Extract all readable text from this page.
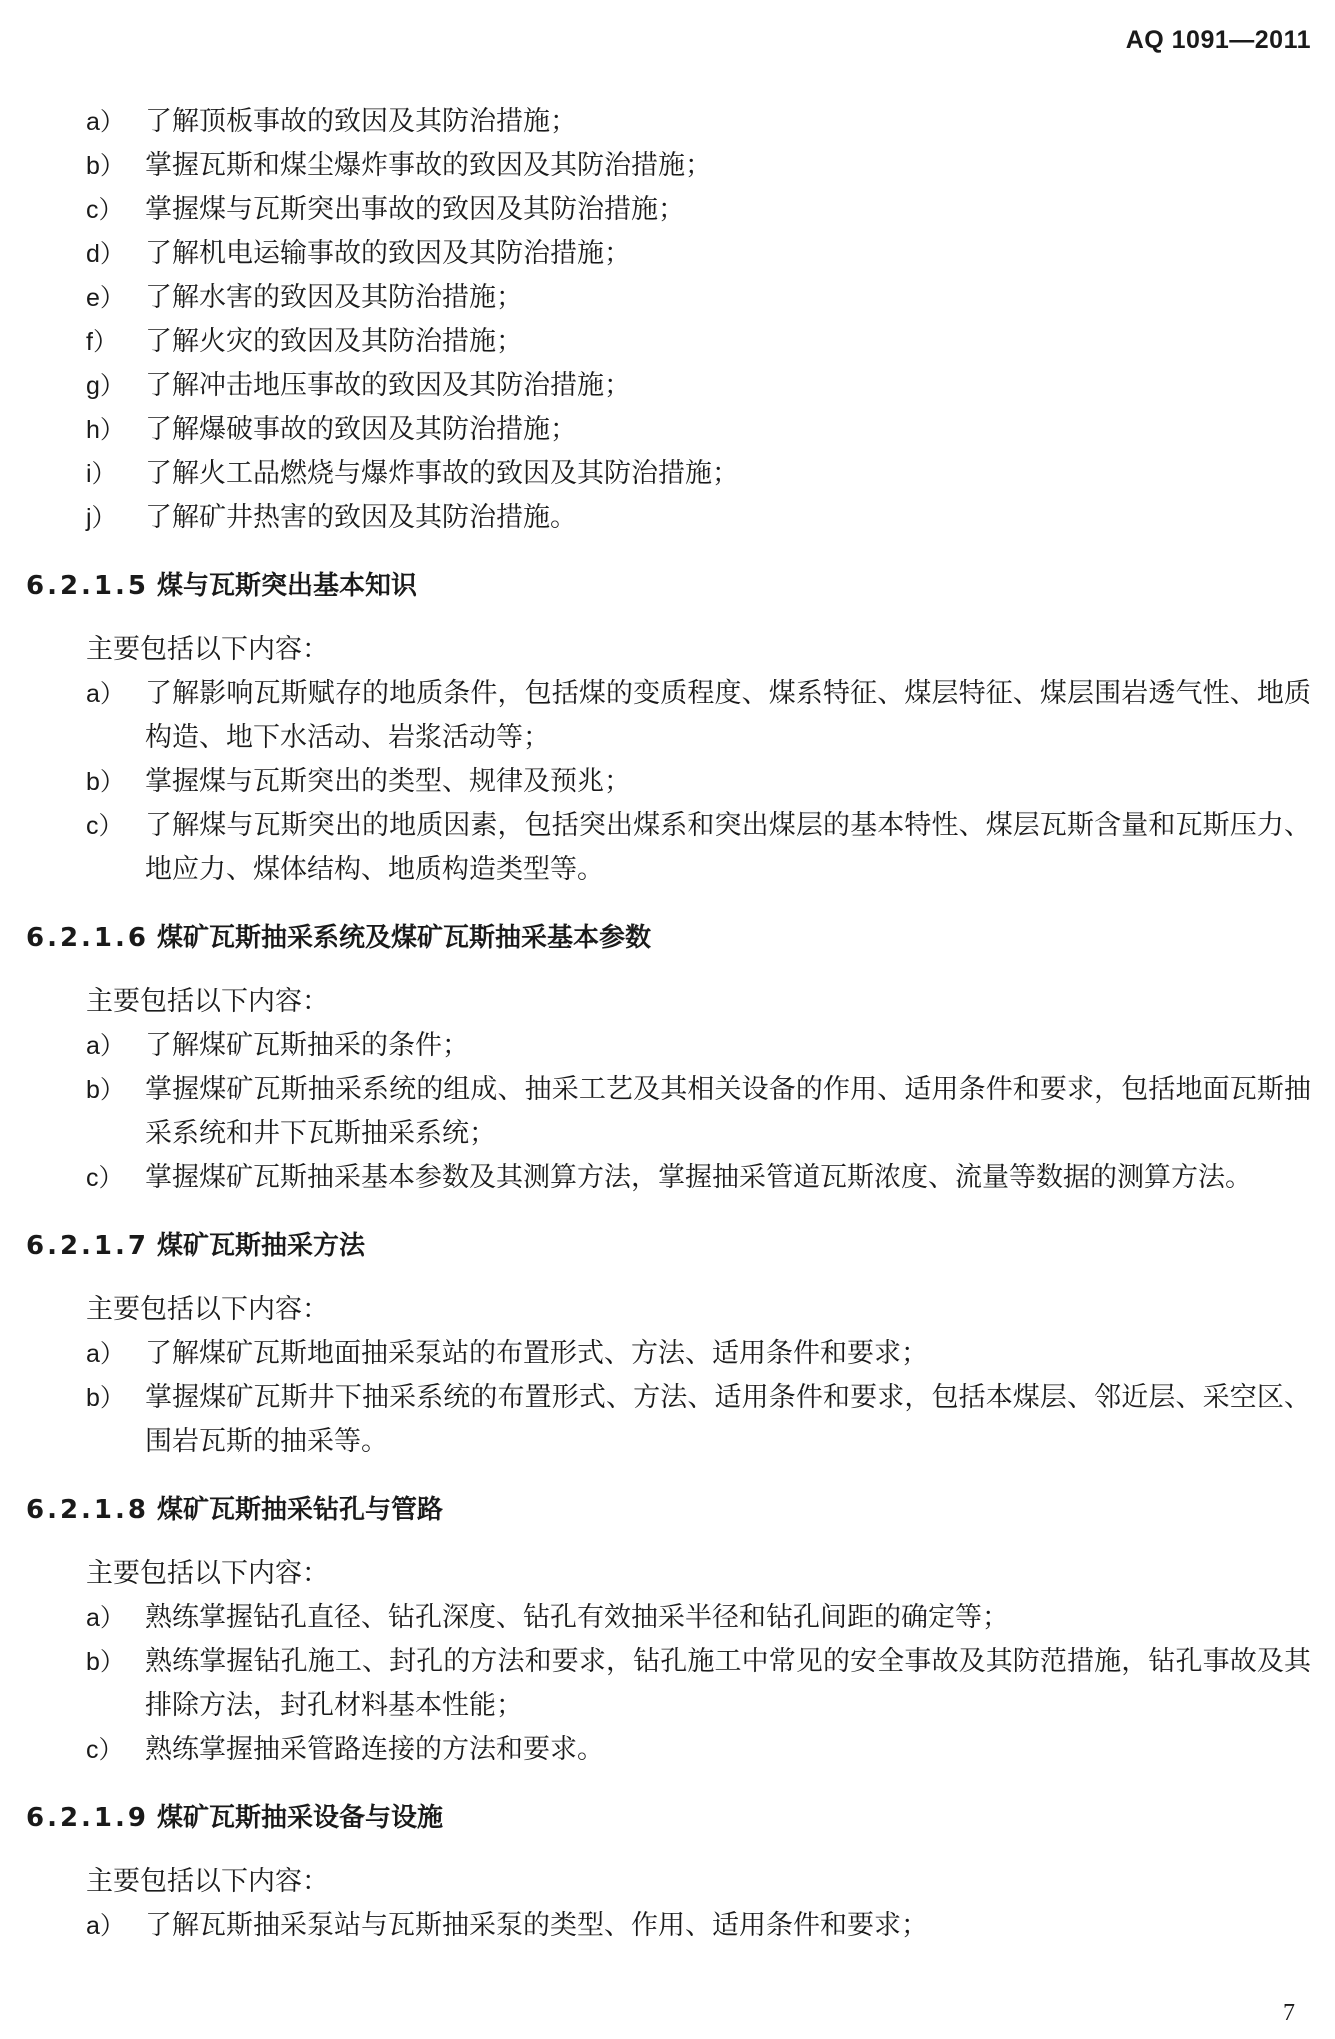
AQ 1091—2011
a） 了解顶板事故的致因及其防治措施；
b） 掌握瓦斯和煤尘爆炸事故的致因及其防治措施；
c） 掌握煤与瓦斯突出事故的致因及其防治措施；
d） 了解机电运输事故的致因及其防治措施；
e） 了解水害的致因及其防治措施；
f） 了解火灾的致因及其防治措施；
g） 了解冲击地压事故的致因及其防治措施；
h） 了解爆破事故的致因及其防治措施；
i） 了解火工品燃烧与爆炸事故的致因及其防治措施；
j） 了解矿井热害的致因及其防治措施。
6.2.1.5 煤与瓦斯突出基本知识
主要包括以下内容：
a） 了解影响瓦斯赋存的地质条件，包括煤的变质程度、煤系特征、煤层特征、煤层围岩透气性、地质构造、地下水活动、岩浆活动等；
b） 掌握煤与瓦斯突出的类型、规律及预兆；
c） 了解煤与瓦斯突出的地质因素，包括突出煤系和突出煤层的基本特性、煤层瓦斯含量和瓦斯压力、地应力、煤体结构、地质构造类型等。
6.2.1.6 煤矿瓦斯抽采系统及煤矿瓦斯抽采基本参数
主要包括以下内容：
a） 了解煤矿瓦斯抽采的条件；
b） 掌握煤矿瓦斯抽采系统的组成、抽采工艺及其相关设备的作用、适用条件和要求，包括地面瓦斯抽采系统和井下瓦斯抽采系统；
c） 掌握煤矿瓦斯抽采基本参数及其测算方法，掌握抽采管道瓦斯浓度、流量等数据的测算方法。
6.2.1.7 煤矿瓦斯抽采方法
主要包括以下内容：
a） 了解煤矿瓦斯地面抽采泵站的布置形式、方法、适用条件和要求；
b） 掌握煤矿瓦斯井下抽采系统的布置形式、方法、适用条件和要求，包括本煤层、邻近层、采空区、围岩瓦斯的抽采等。
6.2.1.8 煤矿瓦斯抽采钻孔与管路
主要包括以下内容：
a） 熟练掌握钻孔直径、钻孔深度、钻孔有效抽采半径和钻孔间距的确定等；
b） 熟练掌握钻孔施工、封孔的方法和要求，钻孔施工中常见的安全事故及其防范措施，钻孔事故及其排除方法，封孔材料基本性能；
c） 熟练掌握抽采管路连接的方法和要求。
6.2.1.9 煤矿瓦斯抽采设备与设施
主要包括以下内容：
a） 了解瓦斯抽采泵站与瓦斯抽采泵的类型、作用、适用条件和要求；
7
